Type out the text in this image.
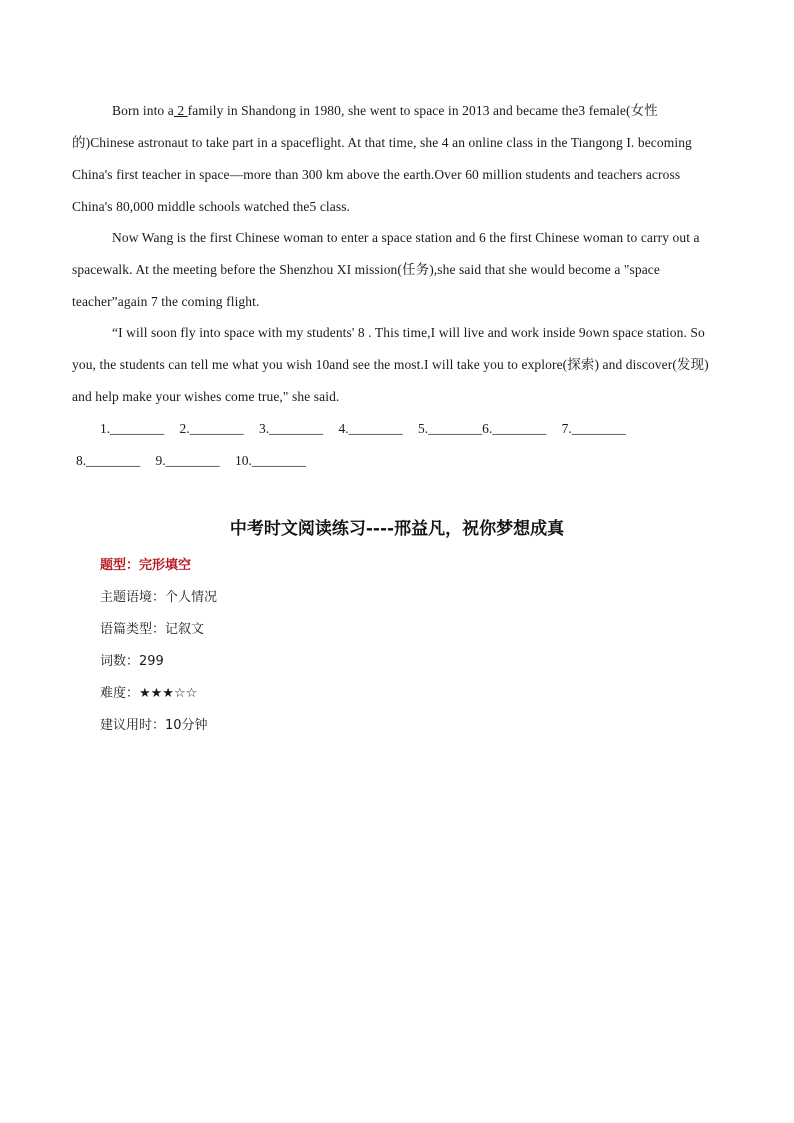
Born into a 2 family in Shandong in 1980, she went to space in 2013 and became the3 female(女性的)Chinese astronaut to take part in a spaceflight. At that time, she 4 an online class in the Tiangong I. becoming China's first teacher in space—more than 300 km above the earth.Over 60 million students and teachers across China's 80,000 middle schools watched the5 class.

Now Wang is the first Chinese woman to enter a space station and 6 the first Chinese woman to carry out a spacewalk. At the meeting before the Shenzhou XI mission(任务),she said that she would become a "space teacher”again 7 the coming flight.

“I will soon fly into space with my students' 8 . This time,I will live and work inside 9own space station. So you, the students can tell me what you wish 10and see the most.I will take you to explore(探索) and discover(发现) and help make your wishes come true," she said.

1.________ 2.________ 3.________ 4.________ 5.________6.________ 7.________
8.________ 9.________ 10.________
中考时文阅读练习----邢益凡，祝你梦想成真
题型：完形填空
主题语境：个人情况
语篇类型：记叙文
词数：299
难度：★★★☆☆
建议用时：10分钟
